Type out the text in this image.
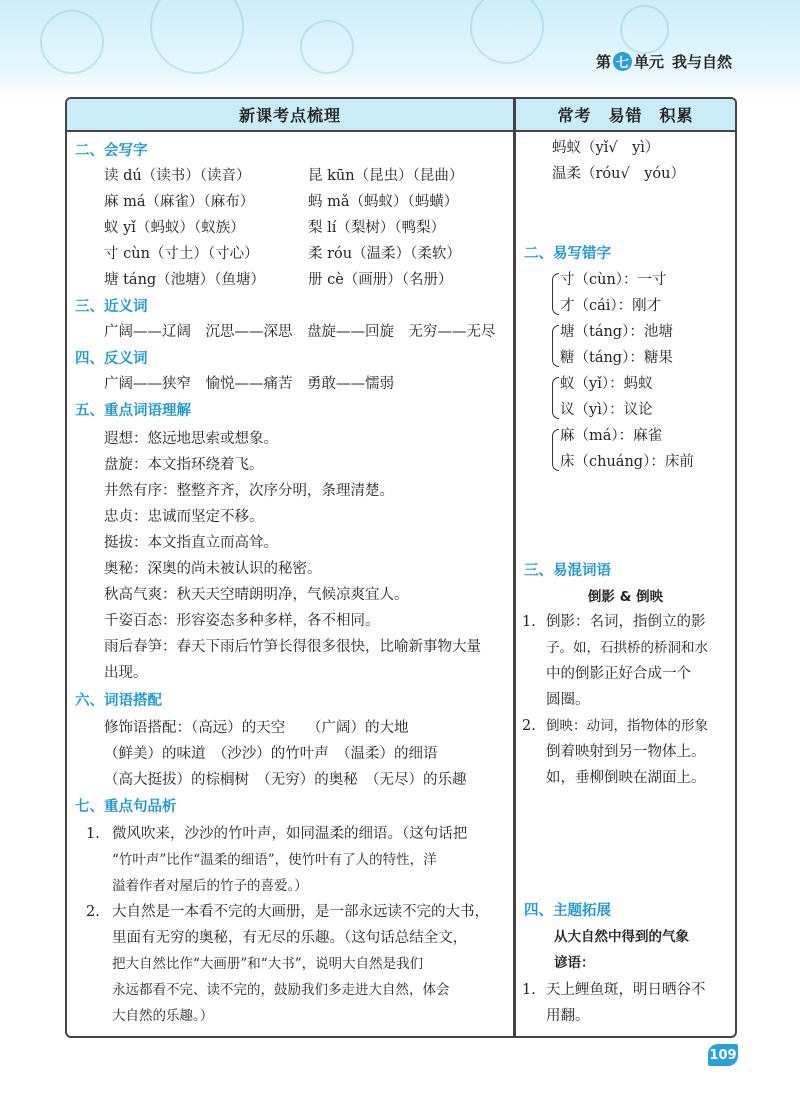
第 七 单元 我与自然
新课考点梳理
二、会写字
读 dú（读书）（读音）	昆 kūn（昆虫）（昆曲）
麻 má（麻雀）（麻布）	蚂 mǎ（蚂蚁）（蚂蟥）
蚁 yǐ（蚂蚁）（蚁族）	梨 lí（梨树）（鸭梨）
寸 cùn（寸土）（寸心）	柔 róu（温柔）（柔软）
塘 táng（池塘）（鱼塘）	册 cè（画册）（名册）
三、近义词
广阔——辽阔　沉思——深思　盘旋——回旋　无穷——无尽
四、反义词
广阔——狭窄　愉悦——痛苦　勇敢——懦弱
五、重点词语理解
遐想：悠远地思索或想象。
盘旋：本文指环绕着飞。
井然有序：整整齐齐，次序分明，条理清楚。
忠贞：忠诚而坚定不移。
挺拔：本文指直立而高耸。
奥秘：深奥的尚未被认识的秘密。
秋高气爽：秋天天空晴朗明净，气候凉爽宜人。
千姿百态：形容姿态多种多样，各不相同。
雨后春笋：春天下雨后竹笋长得很多很快，比喻新事物大量
出现。
六、词语搭配
修饰语搭配：（高远）的天空　　（广阔）的大地
（鲜美）的味道　（沙沙）的竹叶声　（温柔）的细语
（高大挺拔）的棕榈树　（无穷）的奥秘　（无尽）的乐趣
七、重点句品析
1. 微风吹来，沙沙的竹叶声，如同温柔的细语。（这句话把
“竹叶声”比作“温柔的细语”，使竹叶有了人的特性，洋
溢着作者对屋后的竹子的喜爱。）
2. 大自然是一本看不完的大画册，是一部永远读不完的大书，
里面有无穷的奥秘，有无尽的乐趣。（这句话总结全文，
把大自然比作“大画册”和“大书”，说明大自然是我们
永远都看不完、读不完的，鼓励我们多走进大自然，体会
大自然的乐趣。）
常考　易错　积累
蚂蚁（yǐ√　yì）
温柔（róu√　yóu）
二、易写错字
寸（cùn）：一寸
才（cái）：刚才
塘（táng）：池塘
糖（táng）：糖果
蚁（yǐ）：蚂蚁
议（yì）：议论
麻（má）：麻雀
床（chuáng）：床前
三、易混词语
倒影 & 倒映
1. 倒影：名词，指倒立的影
子。如，石拱桥的桥洞和水
中的倒影正好合成一个
圆圈。
2. 倒映：动词，指物体的形象
倒着映射到另一物体上。
如，垂柳倒映在湖面上。
四、主题拓展
从大自然中得到的气象
谚语：
1. 天上鲤鱼斑，明日晒谷不
用翻。
109
